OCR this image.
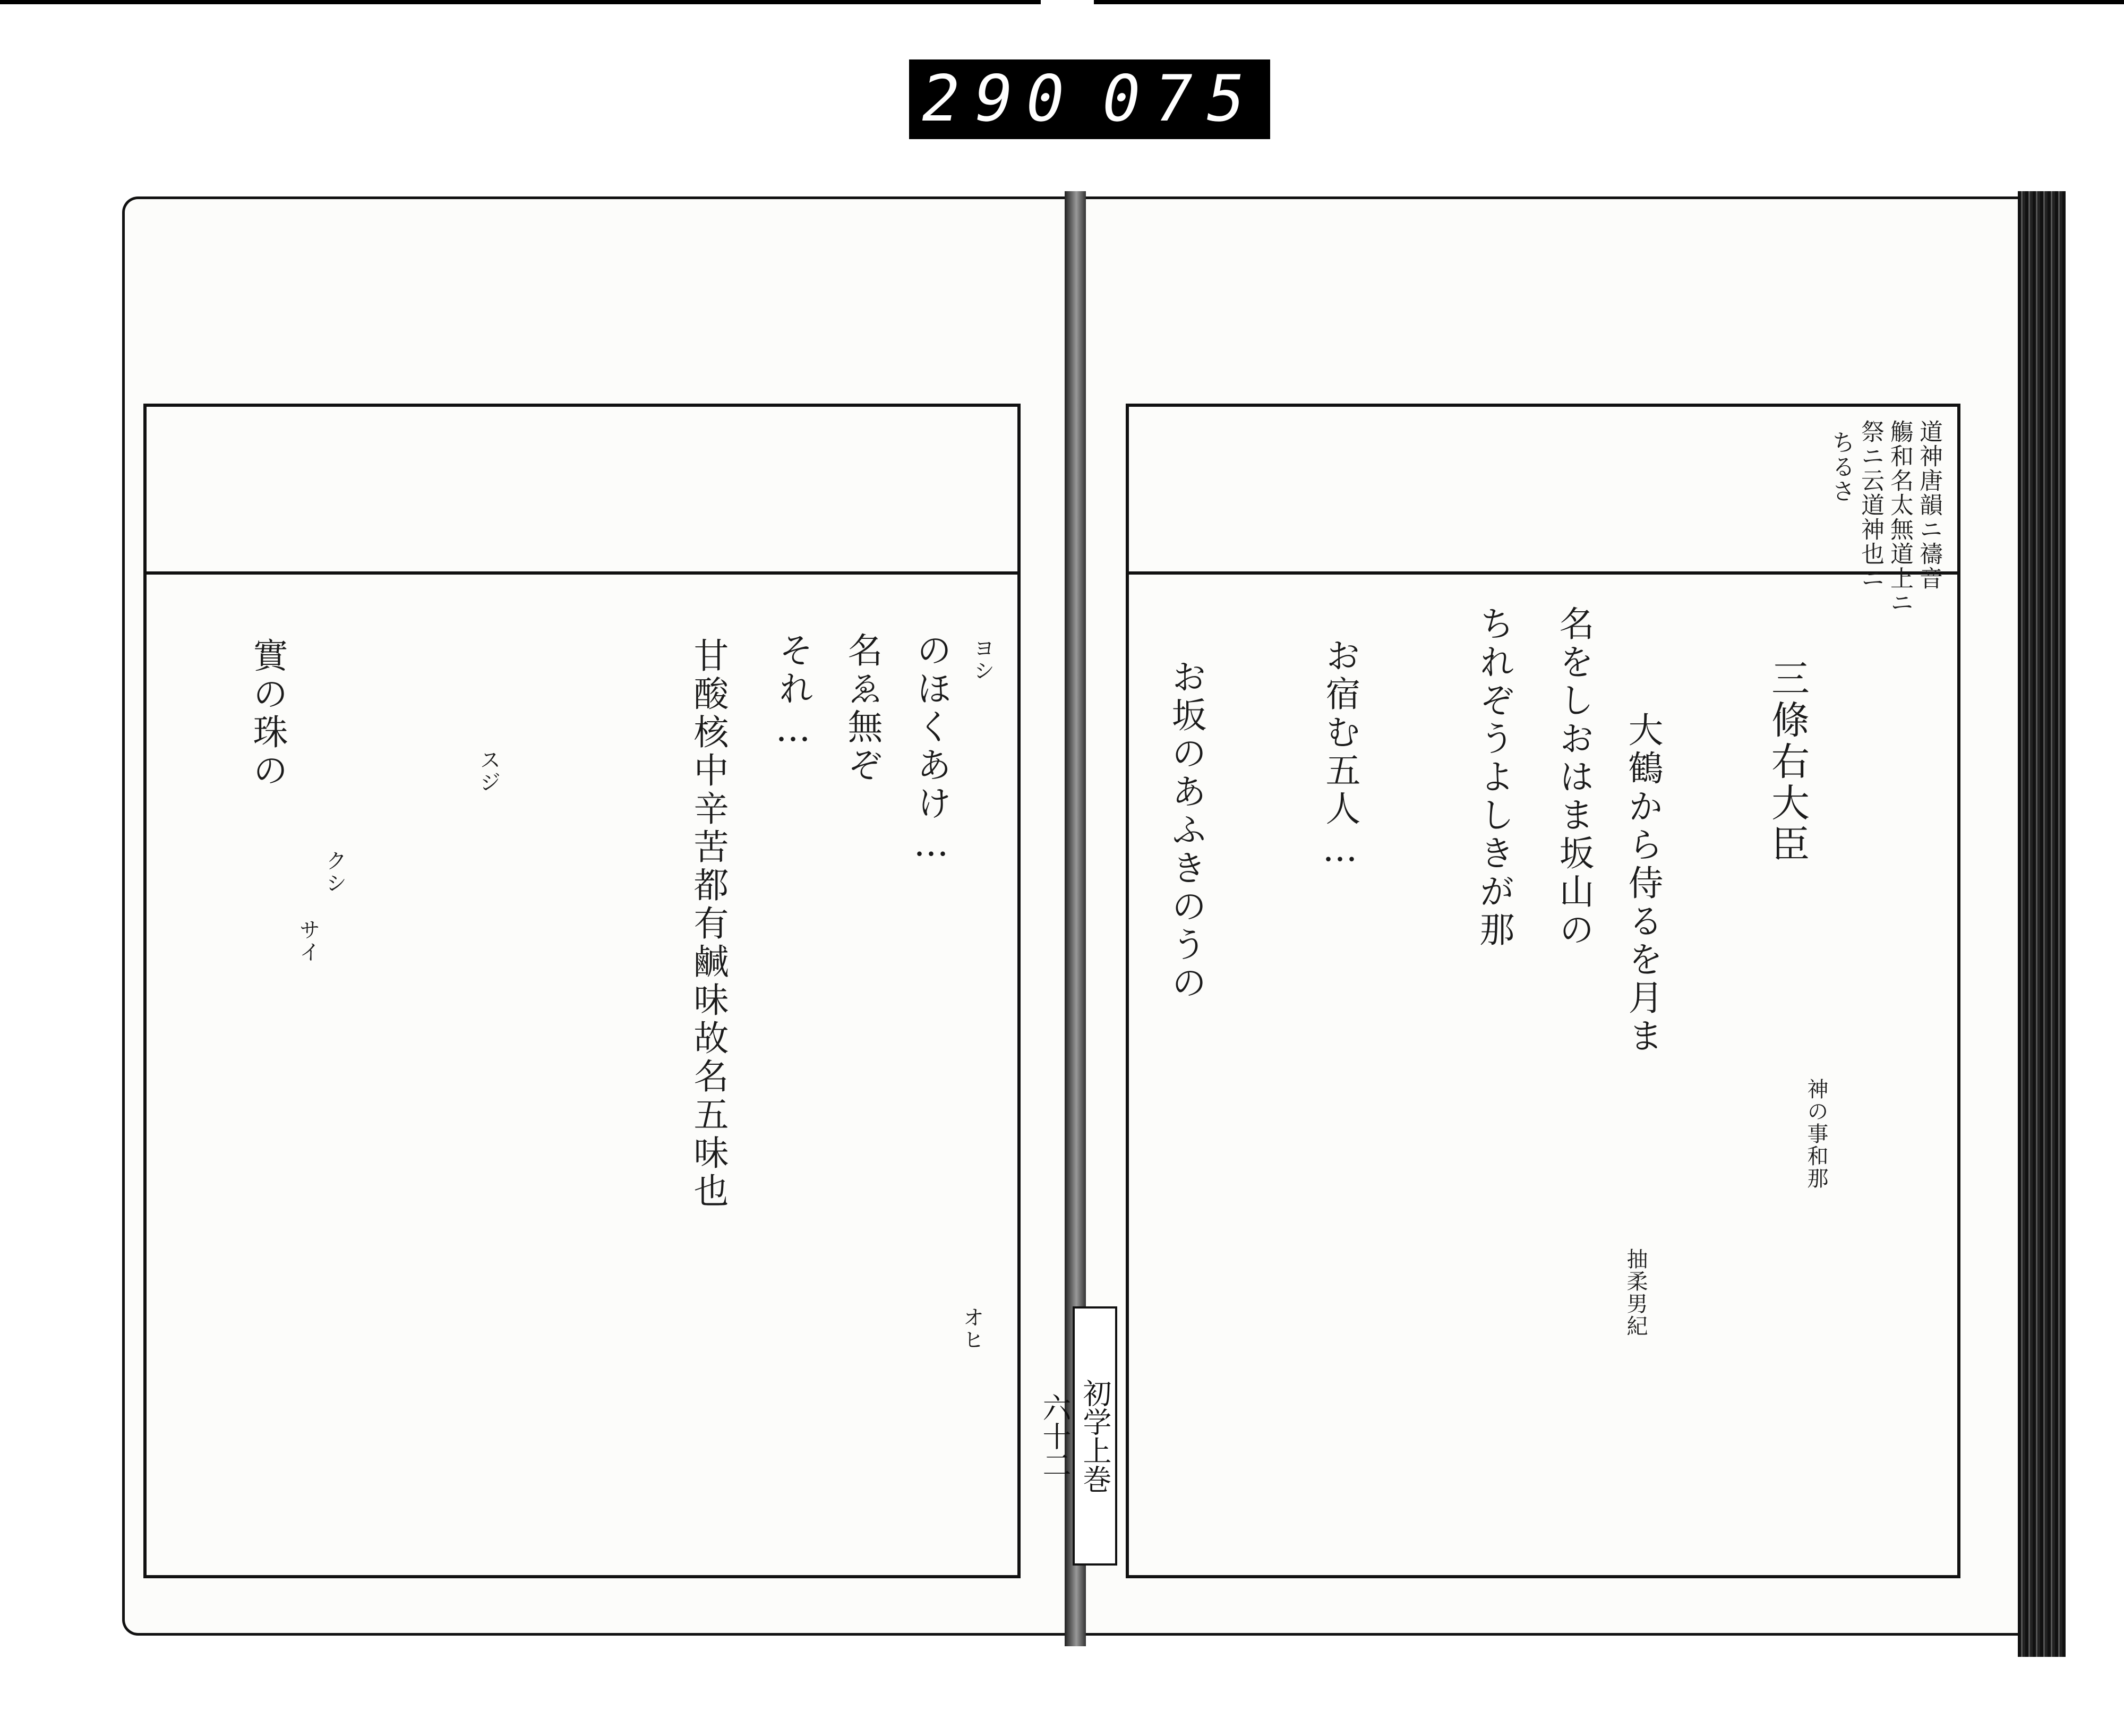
290 075
道神唐韻ニ禱音
觴和名太無道上ニ
祭ニ云道神也ニ
ちるさ
三條右大臣
大鶴から侍るを月ま
名をしおはま坂山の
ちれぞうよしきが那
お宿む五人…
お坂のあふきのうの
神の事和那
抽柔男紀
のほくあけ…
名ゑ無ぞ
それ…
甘酸核中辛苦都有鹹味故名五味也
實の珠の
オヒ
スジ
クシ
サイ
ヨシ
初学上巻
六十二
